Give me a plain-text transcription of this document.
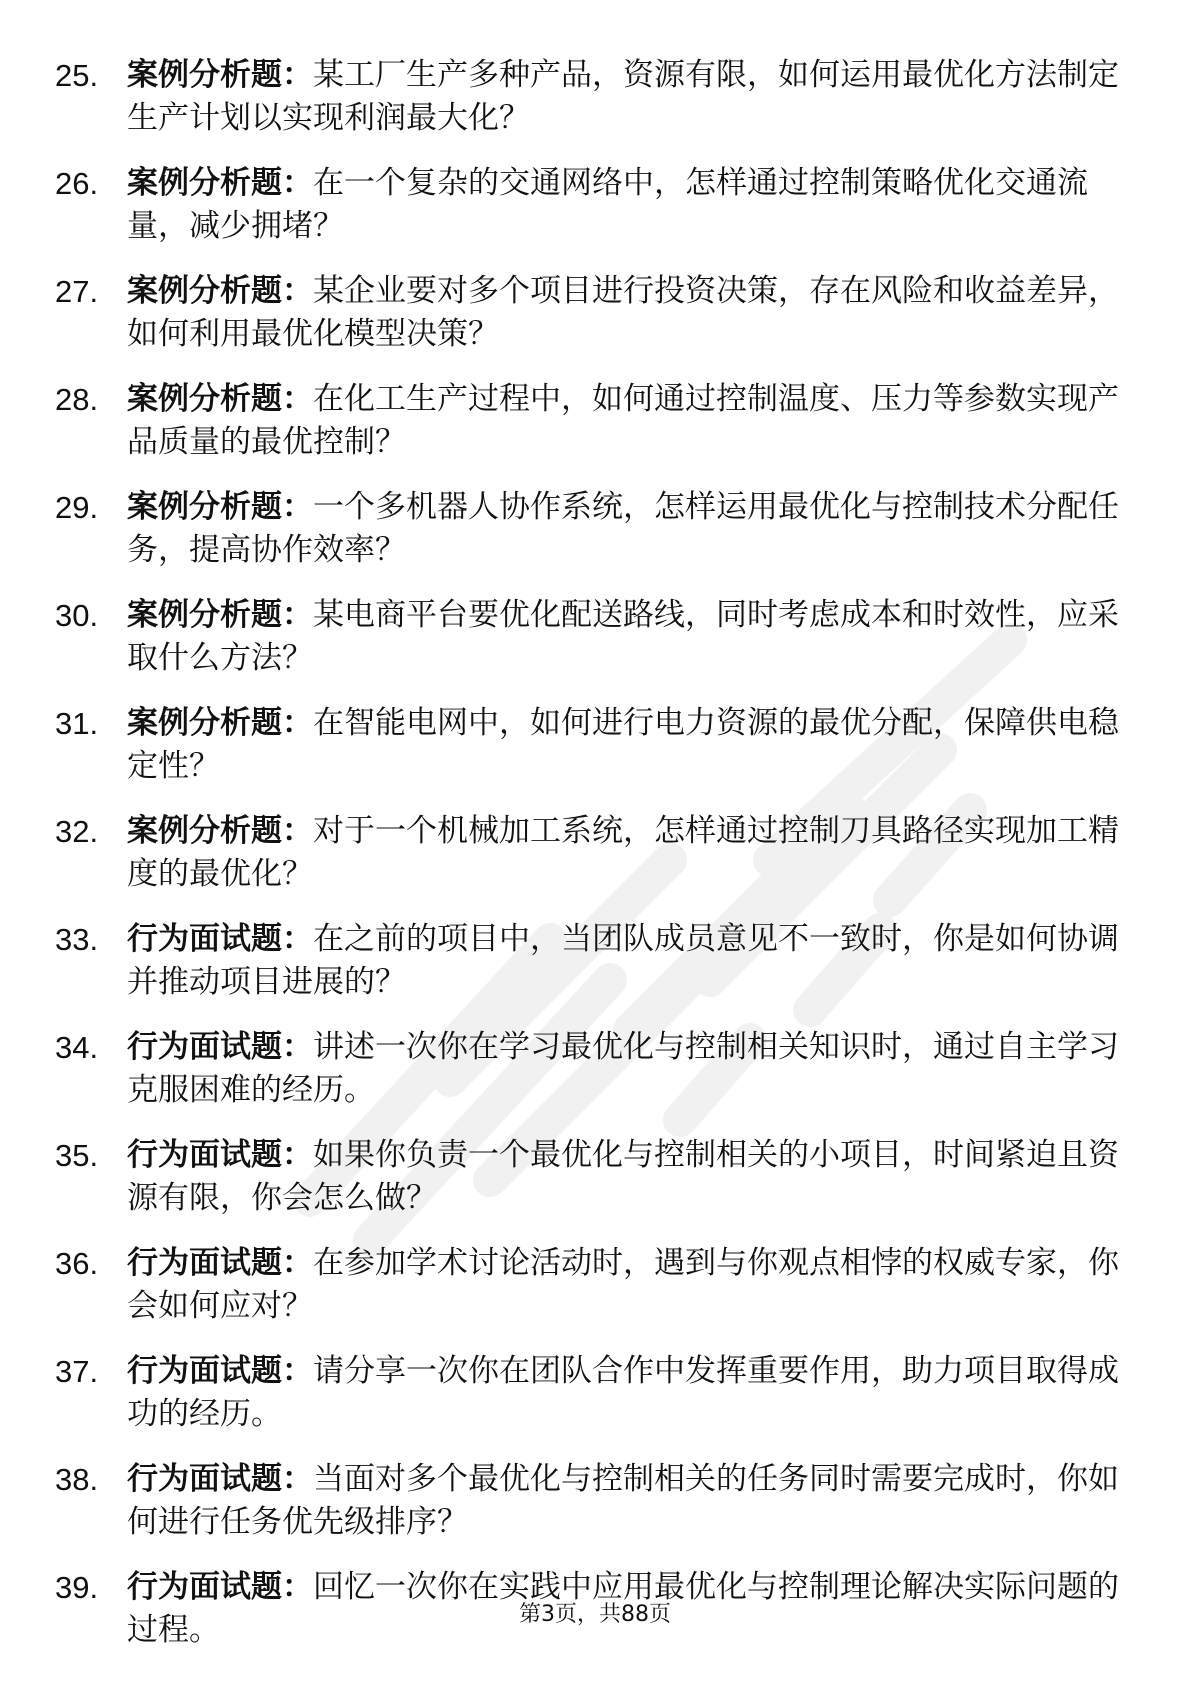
25. 案例分析题：某工厂生产多种产品，资源有限，如何运用最优化方法制定生产计划以实现利润最大化？
26. 案例分析题：在一个复杂的交通网络中，怎样通过控制策略优化交通流量，减少拥堵？
27. 案例分析题：某企业要对多个项目进行投资决策，存在风险和收益差异，如何利用最优化模型决策？
28. 案例分析题：在化工生产过程中，如何通过控制温度、压力等参数实现产品质量的最优控制？
29. 案例分析题：一个多机器人协作系统，怎样运用最优化与控制技术分配任务，提高协作效率？
30. 案例分析题：某电商平台要优化配送路线，同时考虑成本和时效性，应采取什么方法？
31. 案例分析题：在智能电网中，如何进行电力资源的最优分配，保障供电稳定性？
32. 案例分析题：对于一个机械加工系统，怎样通过控制刀具路径实现加工精度的最优化？
33. 行为面试题：在之前的项目中，当团队成员意见不一致时，你是如何协调并推动项目进展的？
34. 行为面试题：讲述一次你在学习最优化与控制相关知识时，通过自主学习克服困难的经历。
35. 行为面试题：如果你负责一个最优化与控制相关的小项目，时间紧迫且资源有限，你会怎么做？
36. 行为面试题：在参加学术讨论活动时，遇到与你观点相悖的权威专家，你会如何应对？
37. 行为面试题：请分享一次你在团队合作中发挥重要作用，助力项目取得成功的经历。
38. 行为面试题：当面对多个最优化与控制相关的任务同时需要完成时，你如何进行任务优先级排序？
39. 行为面试题：回忆一次你在实践中应用最优化与控制理论解决实际问题的过程。	第3页，共88页
